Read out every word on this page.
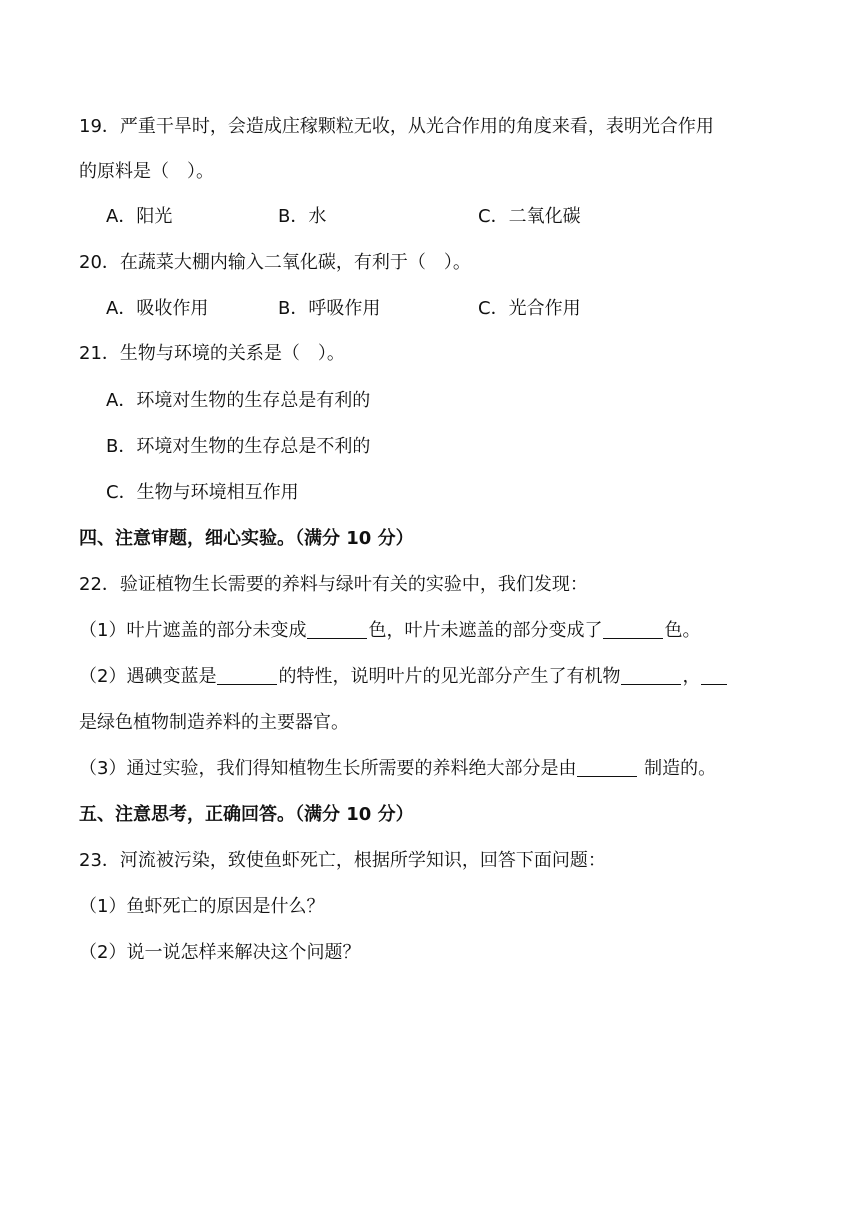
19．严重干旱时，会造成庄稼颗粒无收，从光合作用的角度来看，表明光合作用
的原料是（　）。
A．阳光	B．水	C．二氧化碳
20．在蔬菜大棚内输入二氧化碳，有利于（　）。
A．吸收作用	B．呼吸作用	C．光合作用
21．生物与环境的关系是（　）。
A．环境对生物的生存总是有利的
B．环境对生物的生存总是不利的
C．生物与环境相互作用
四、注意审题，细心实验。（满分 10 分）
22．验证植物生长需要的养料与绿叶有关的实验中，我们发现：
（1）叶片遮盖的部分未变成	色，叶片未遮盖的部分变成了	色。
（2）遇碘变蓝是	的特性，说明叶片的见光部分产生了有机物	，
是绿色植物制造养料的主要器官。
（3）通过实验，我们得知植物生长所需要的养料绝大部分是由	制造的。
五、注意思考，正确回答。（满分 10 分）
23．河流被污染，致使鱼虾死亡，根据所学知识，回答下面问题：
（1）鱼虾死亡的原因是什么？
（2）说一说怎样来解决这个问题？
